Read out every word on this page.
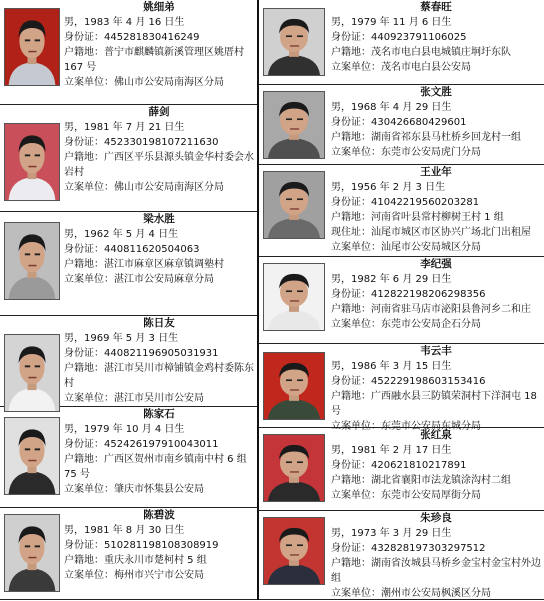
姚细弟
男，1983 年 4 月 16 日生
身份证：445281830416249
户籍地：普宁市麒麟镇新溪管理区姚厝村 167 号
立案单位：佛山市公安局南海区分局
薛剑
男，1981 年 7 月 21 日生
身份证：452330198107211630
户籍地：广西区平乐县源头镇金华村委会水岩村
立案单位：佛山市公安局南海区分局
梁水胜
男，1962 年 5 月 4 日生
身份证：440811620504063
户籍地：湛江市麻章区麻章镇调塾村
立案单位：湛江市公安局麻章分局
陈日友
男，1969 年 5 月 3 日生
身份证：440821196905031931
户籍地：湛江市吴川市樟铺镇金鸡村委陈东村
立案单位：湛江市吴川市公安局
陈家石
男，1979 年 10 月 4 日生
身份证：452426197910043011
户籍地：广西区贺州市南乡镇南中村 6 组 75 号
立案单位：肇庆市怀集县公安局
陈碧波
男，1981 年 8 月 30 日生
身份证：510281198108308919
户籍地：重庆永川市楚柯村 5 组
立案单位：梅州市兴宁市公安局
蔡春旺
男，1979 年 11 月 6 日生
身份证：440923791106025
户籍地：茂名市电白县电城镇庄坰圩东队
立案单位：茂名市电白县公安局
张文胜
男，1968 年 4 月 29 日生
身份证：430426680429601
户籍地：湖南省祁东县马杜桥乡回龙村一组
立案单位：东莞市公安局虎门分局
王业年
男，1956 年 2 月 3 日生
身份证：41042219560203281
户籍地：河南省叶县常村柳树王村 1 组
现住址：汕尾市城区市区协兴广场北门出租屋
立案单位：汕尾市公安局城区分局
李纪强
男，1982 年 6 月 29 日生
身份证：412822198206298356
户籍地：河南省驻马店市泌阳县鲁河乡二和庄
立案单位：东莞市公安局企石分局
韦云丰
男，1986 年 3 月 15 日生
身份证：452229198603153416
户籍地：广西融水县三防镇荣洞村下洋洞屯 18 号
立案单位：东莞市公安局东城分局
张红泉
男，1981 年 2 月 17 日生
身份证：420621810217891
户籍地：湖北省襄阳市法龙镇涂沟村二组
立案单位：东莞市公安局厚街分局
朱珍良
男，1973 年 3 月 29 日生
身份证：432828197303297512
户籍地：湖南省汝城县马桥乡金宝村金宝村外边组
立案单位：潮州市公安局枫溪区分局
